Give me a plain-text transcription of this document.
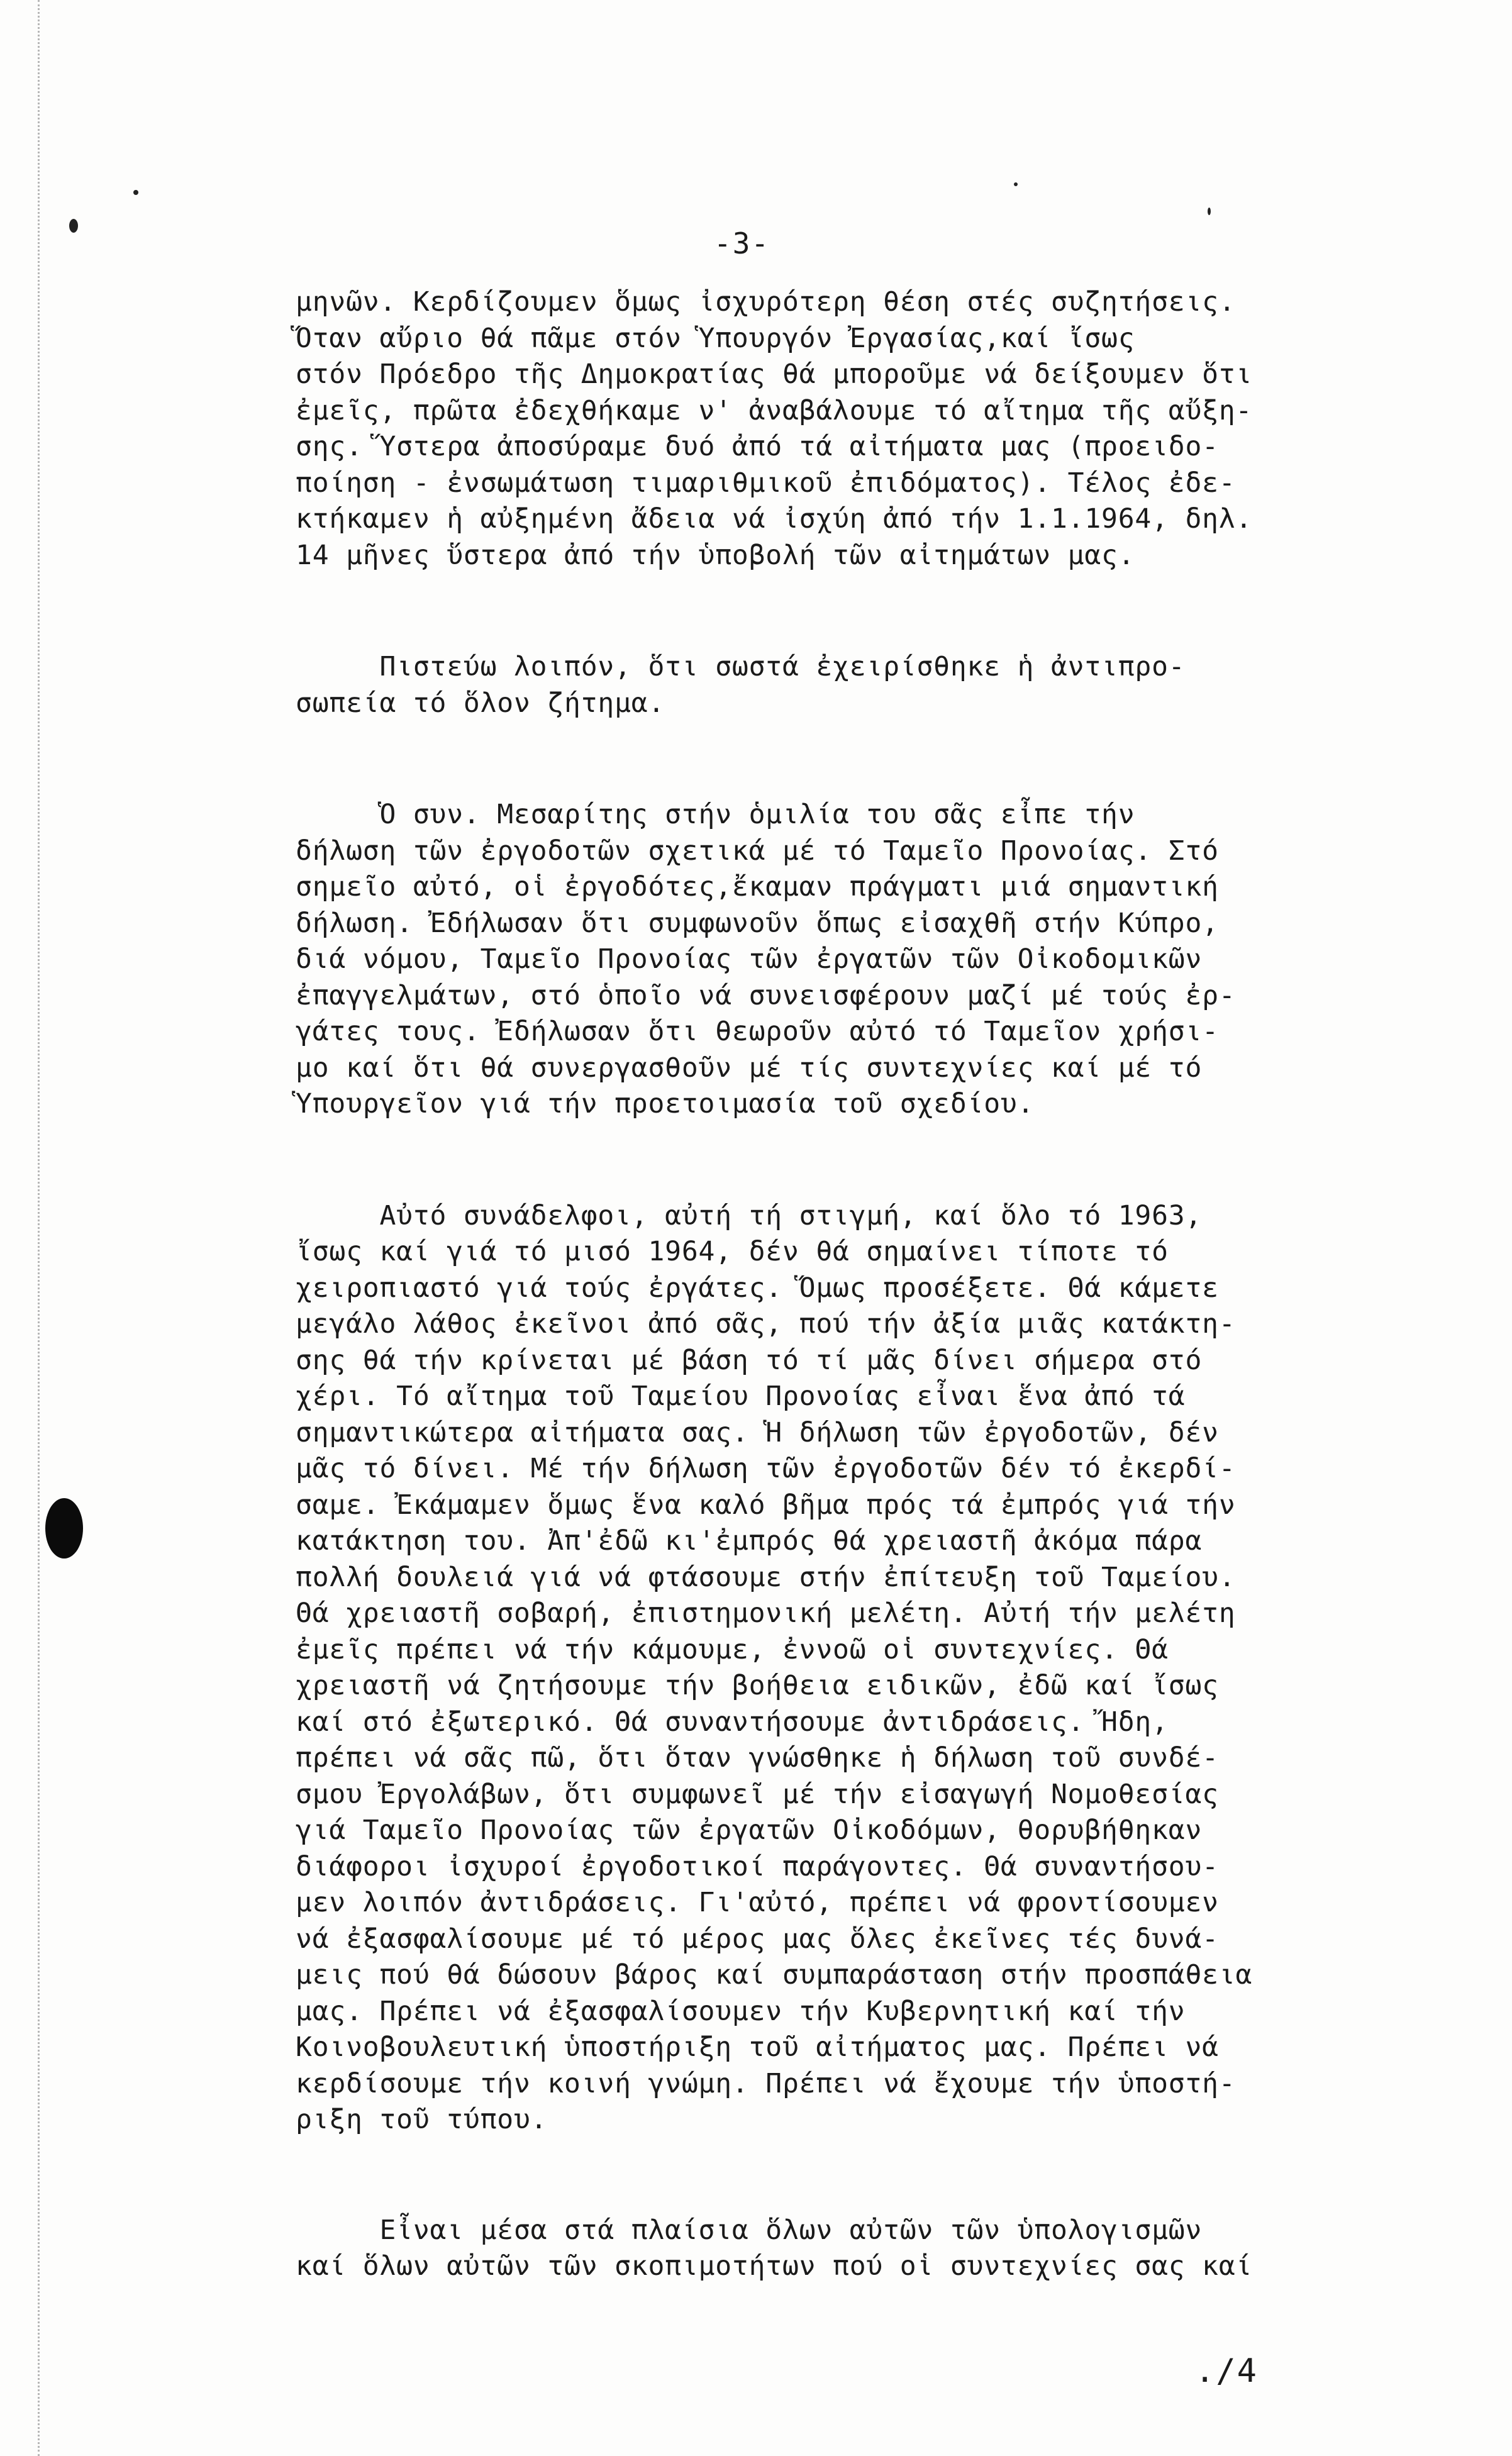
-3-

μηνῶν. Κερδίζουμεν ὅμως ἰσχυρότερη θέση στές συζητήσεις.
Ὅταν αὔριο θά πᾶμε στόν Ὑπουργόν Ἐργασίας,καί ἴσως
στόν Πρόεδρο τῆς Δημοκρατίας θά μποροῦμε νά δείξουμεν ὅτι
ἐμεῖς, πρῶτα ἐδεχθήκαμε ν' ἀναβάλουμε τό αἴτημα τῆς αὔξη-
σης. Ὕστερα ἀποσύραμε δυό ἀπό τά αἰτήματα μας (προειδο-
ποίηση - ἐνσωμάτωση τιμαριθμικοῦ ἐπιδόματος). Τέλος ἐδε-
κτήκαμεν ἡ αὐξημένη ἄδεια νά ἰσχύη ἀπό τήν 1.1.1964, δηλ.
14 μῆνες ὕστερα ἀπό τήν ὑποβολή τῶν αἰτημάτων μας.

Πιστεύω λοιπόν, ὅτι σωστά ἐχειρίσθηκε ἡ ἀντιπρο-
σωπεία τό ὅλον ζήτημα.

Ὁ συν. Μεσαρίτης στήν ὁμιλία του σᾶς εἶπε τήν
δήλωση τῶν ἐργοδοτῶν σχετικά μέ τό Ταμεῖο Προνοίας. Στό
σημεῖο αὐτό, οἱ ἐργοδότες,ἔκαμαν πράγματι μιά σημαντική
δήλωση. Ἐδήλωσαν ὅτι συμφωνοῦν ὅπως εἰσαχθῆ στήν Κύπρο,
διά νόμου, Ταμεῖο Προνοίας τῶν ἐργατῶν τῶν Οἰκοδομικῶν
ἐπαγγελμάτων, στό ὁποῖο νά συνεισφέρουν μαζί μέ τούς ἐρ-
γάτες τους. Ἐδήλωσαν ὅτι θεωροῦν αὐτό τό Ταμεῖον χρήσι-
μο καί ὅτι θά συνεργασθοῦν μέ τίς συντεχνίες καί μέ τό
Ὑπουργεῖον γιά τήν προετοιμασία τοῦ σχεδίου.

Αὐτό συνάδελφοι, αὐτή τή στιγμή, καί ὅλο τό 1963,
ἴσως καί γιά τό μισό 1964, δέν θά σημαίνει τίποτε τό
χειροπιαστό γιά τούς ἐργάτες. Ὅμως προσέξετε. Θά κάμετε
μεγάλο λάθος ἐκεῖνοι ἀπό σᾶς, πού τήν ἀξία μιᾶς κατάκτη-
σης θά τήν κρίνεται μέ βάση τό τί μᾶς δίνει σήμερα στό
χέρι. Τό αἴτημα τοῦ Ταμείου Προνοίας εἶναι ἕνα ἀπό τά
σημαντικώτερα αἰτήματα σας. Ἡ δήλωση τῶν ἐργοδοτῶν, δέν
μᾶς τό δίνει. Μέ τήν δήλωση τῶν ἐργοδοτῶν δέν τό ἐκερδί-
σαμε. Ἐκάμαμεν ὅμως ἕνα καλό βῆμα πρός τά ἐμπρός γιά τήν
κατάκτηση του. Ἀπ'ἐδῶ κι'ἐμπρός θά χρειαστῆ ἀκόμα πάρα
πολλή δουλειά γιά νά φτάσουμε στήν ἐπίτευξη τοῦ Ταμείου.
Θά χρειαστῆ σοβαρή, ἐπιστημονική μελέτη. Αὐτή τήν μελέτη
ἐμεῖς πρέπει νά τήν κάμουμε, ἐννοῶ οἱ συντεχνίες. Θά
χρειαστῆ νά ζητήσουμε τήν βοήθεια ειδικῶν, ἐδῶ καί ἴσως
καί στό ἐξωτερικό. Θά συναντήσουμε ἀντιδράσεις. Ἤδη,
πρέπει νά σᾶς πῶ, ὅτι ὅταν γνώσθηκε ἡ δήλωση τοῦ συνδέ-
σμου Ἐργολάβων, ὅτι συμφωνεῖ μέ τήν εἰσαγωγή Νομοθεσίας
γιά Ταμεῖο Προνοίας τῶν ἐργατῶν Οἰκοδόμων, θορυβήθηκαν
διάφοροι ἰσχυροί ἐργοδοτικοί παράγοντες. Θά συναντήσου-
μεν λοιπόν ἀντιδράσεις. Γι'αὐτό, πρέπει νά φροντίσουμεν
νά ἐξασφαλίσουμε μέ τό μέρος μας ὅλες ἐκεῖνες τές δυνά-
μεις πού θά δώσουν βάρος καί συμπαράσταση στήν προσπάθεια
μας. Πρέπει νά ἐξασφαλίσουμεν τήν Κυβερνητική καί τήν
Κοινοβουλευτική ὑποστήριξη τοῦ αἰτήματος μας. Πρέπει νά
κερδίσουμε τήν κοινή γνώμη. Πρέπει νά ἔχουμε τήν ὑποστή-
ριξη τοῦ τύπου.

Εἶναι μέσα στά πλαίσια ὅλων αὐτῶν τῶν ὑπολογισμῶν
καί ὅλων αὐτῶν τῶν σκοπιμοτήτων πού οἱ συντεχνίες σας καί

./4
